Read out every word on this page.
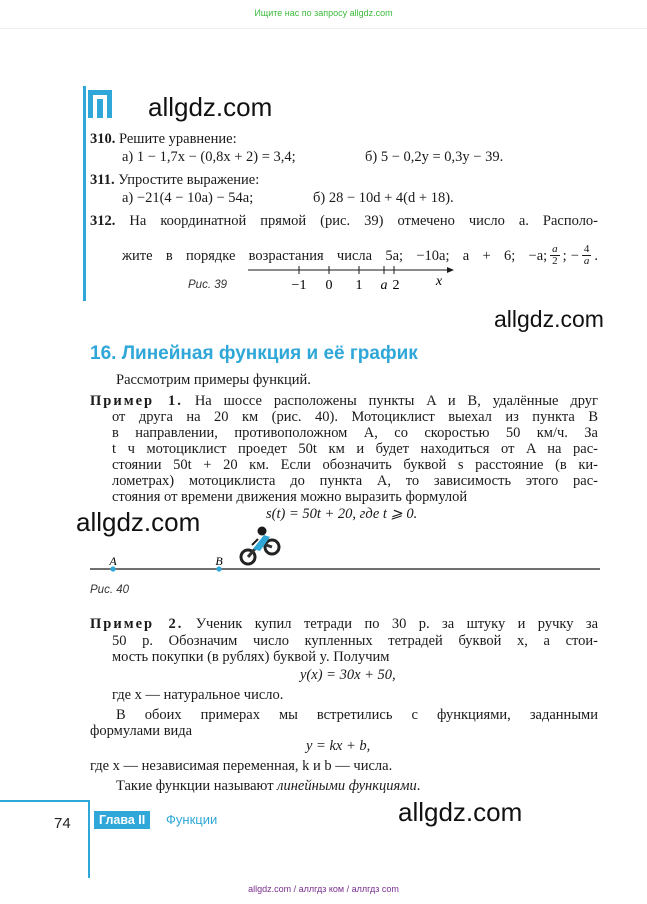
Ищите нас по запросу allgdz.com
allgdz.com
allgdz.com
allgdz.com
allgdz.com
310. Решите уравнение:
а) 1 − 1,7x − (0,8x + 2) = 3,4;	б) 5 − 0,2y = 0,3y − 39.
311. Упростите выражение:
а) −21(4 − 10a) − 54a;	б) 28 − 10d + 4(d + 18).
312. На координатной прямой (рис. 39) отмечено число a. Располо-
жите в порядке возрастания числа 5a; −10a; a + 6; −a; a
2 ; − $\frac{4}{a}$ .
Рис. 39	−1 0 1 a 2	x
16. Линейная функция и её график
Рассмотрим примеры функций.
Пример 1. На шоссе расположены пункты A и B, удалённые друг
от друга на 20 км (рис. 40). Мотоциклист выехал из пункта B
в направлении, противоположном A, со скоростью 50 км/ч. За
t ч мотоциклист проедет 50t км и будет находиться от A на рас-
стоянии 50t + 20 км. Если обозначить буквой s расстояние (в ки-
лометрах) мотоциклиста до пункта A, то зависимость этого рас-
стояния от времени движения можно выразить формулой
s(t) = 50t + 20, где t ⩾ 0.
A	B
Рис. 40
Пример 2. Ученик купил тетради по 30 р. за штуку и ручку за
50 р. Обозначим число купленных тетрадей буквой x, а стои-
мость покупки (в рублях) буквой y. Получим
y(x) = 30x + 50,
где x — натуральное число.
В обоих примерах мы встретились с функциями, заданными
формулами вида
y = kx + b,
где x — независимая переменная, k и b — числа.
Такие функции называют линейными функциями.
74	Глава II	Функции
allgdz.com / аллгдз ком / аллгдз com
